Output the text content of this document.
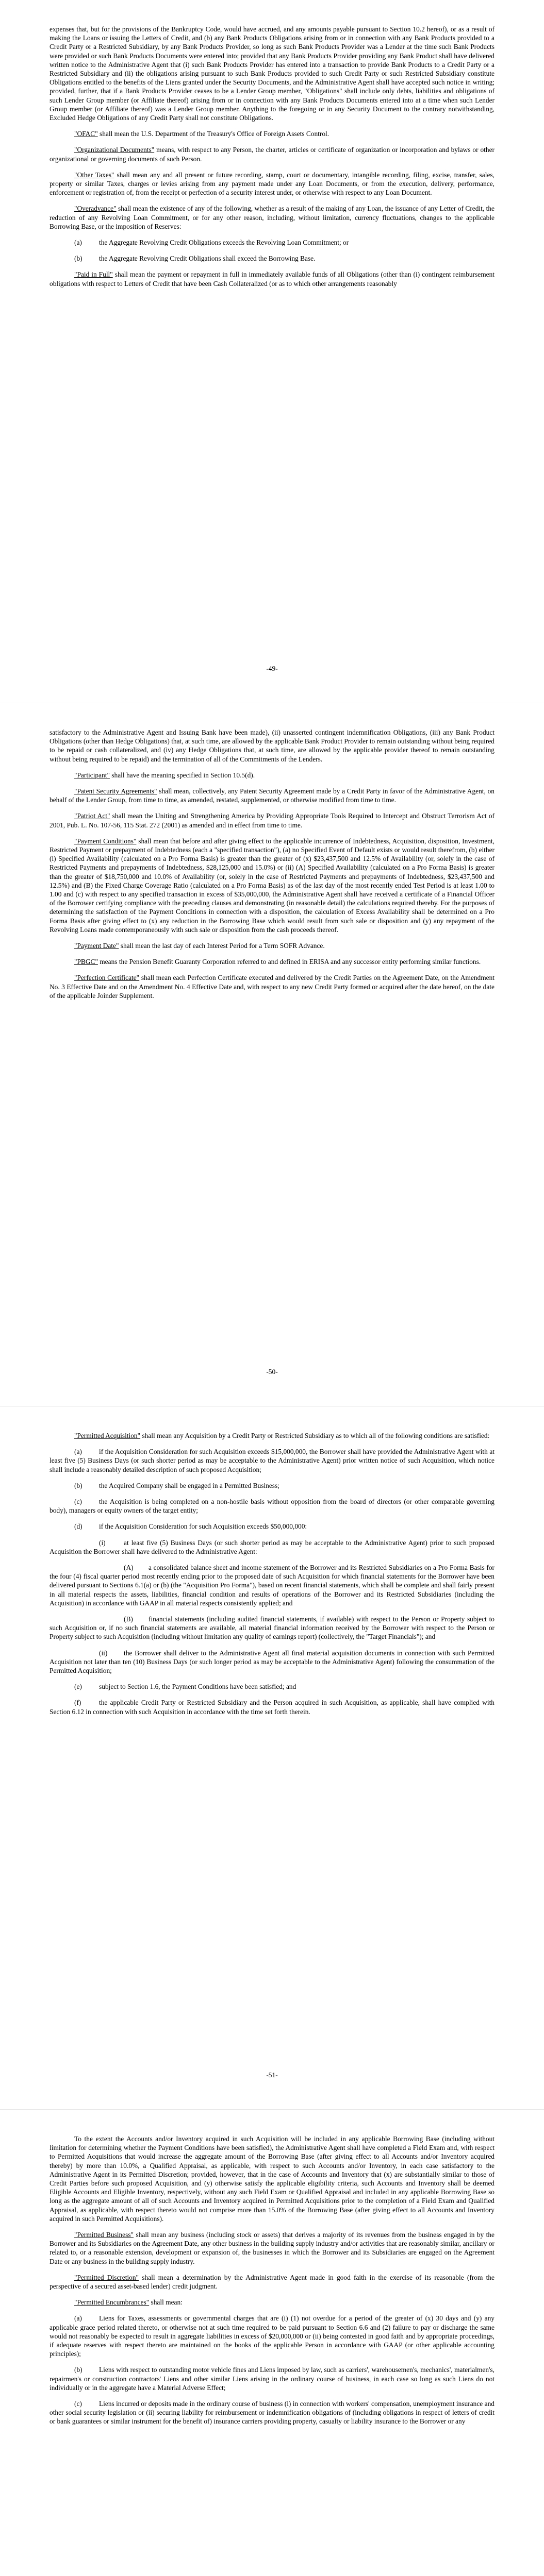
expenses that, but for the provisions of the Bankruptcy Code, would have accrued, and any amounts payable pursuant to Section 10.2 hereof), or as a result of making the Loans or issuing the Letters of Credit, and (b) any Bank Products Obligations arising from or in connection with any Bank Products provided to a Credit Party or a Restricted Subsidiary, by any Bank Products Provider, so long as such Bank Products Provider was a Lender at the time such Bank Products were provided or such Bank Products Documents were entered into; provided that any Bank Products Provider providing any Bank Product shall have delivered written notice to the Administrative Agent that (i) such Bank Products Provider has entered into a transaction to provide Bank Products to a Credit Party or a Restricted Subsidiary and (ii) the obligations arising pursuant to such Bank Products provided to such Credit Party or such Restricted Subsidiary constitute Obligations entitled to the benefits of the Liens granted under the Security Documents, and the Administrative Agent shall have accepted such notice in writing; provided, further, that if a Bank Products Provider ceases to be a Lender Group member, "Obligations" shall include only debts, liabilities and obligations of such Lender Group member (or Affiliate thereof) arising from or in connection with any Bank Products Documents entered into at a time when such Lender Group member (or Affiliate thereof) was a Lender Group member. Anything to the foregoing or in any Security Document to the contrary notwithstanding, Excluded Hedge Obligations of any Credit Party shall not constitute Obligations.

"OFAC" shall mean the U.S. Department of the Treasury's Office of Foreign Assets Control.

"Organizational Documents" means, with respect to any Person, the charter, articles or certificate of organization or incorporation and bylaws or other organizational or governing documents of such Person.

"Other Taxes" shall mean any and all present or future recording, stamp, court or documentary, intangible recording, filing, excise, transfer, sales, property or similar Taxes, charges or levies arising from any payment made under any Loan Documents, or from the execution, delivery, performance, enforcement or registration of, from the receipt or perfection of a security interest under, or otherwise with respect to any Loan Document.

"Overadvance" shall mean the existence of any of the following, whether as a result of the making of any Loan, the issuance of any Letter of Credit, the reduction of any Revolving Loan Commitment, or for any other reason, including, without limitation, currency fluctuations, changes to the applicable Borrowing Base, or the imposition of Reserves:

(a) the Aggregate Revolving Credit Obligations exceeds the Revolving Loan Commitment; or

(b) the Aggregate Revolving Credit Obligations shall exceed the Borrowing Base.

"Paid in Full" shall mean the payment or repayment in full in immediately available funds of all Obligations (other than (i) contingent reimbursement obligations with respect to Letters of Credit that have been Cash Collateralized (or as to which other arrangements reasonably

-49-

satisfactory to the Administrative Agent and Issuing Bank have been made), (ii) unasserted contingent indemnification Obligations, (iii) any Bank Product Obligations (other than Hedge Obligations) that, at such time, are allowed by the applicable Bank Product Provider to remain outstanding without being required to be repaid or cash collateralized, and (iv) any Hedge Obligations that, at such time, are allowed by the applicable provider thereof to remain outstanding without being required to be repaid) and the termination of all of the Commitments of the Lenders.

"Participant" shall have the meaning specified in Section 10.5(d).

"Patent Security Agreements" shall mean, collectively, any Patent Security Agreement made by a Credit Party in favor of the Administrative Agent, on behalf of the Lender Group, from time to time, as amended, restated, supplemented, or otherwise modified from time to time.

"Patriot Act" shall mean the Uniting and Strengthening America by Providing Appropriate Tools Required to Intercept and Obstruct Terrorism Act of 2001, Pub. L. No. 107-56, 115 Stat. 272 (2001) as amended and in effect from time to time.

"Payment Conditions" shall mean that before and after giving effect to the applicable incurrence of Indebtedness, Acquisition, disposition, Investment, Restricted Payment or prepayment of Indebtedness (each a "specified transaction"), (a) no Specified Event of Default exists or would result therefrom, (b) either (i) Specified Availability (calculated on a Pro Forma Basis) is greater than the greater of (x) $23,437,500 and 12.5% of Availability (or, solely in the case of Restricted Payments and prepayments of Indebtedness, $28,125,000 and 15.0%) or (ii) (A) Specified Availability (calculated on a Pro Forma Basis) is greater than the greater of $18,750,000 and 10.0% of Availability (or, solely in the case of Restricted Payments and prepayments of Indebtedness, $23,437,500 and 12.5%) and (B) the Fixed Charge Coverage Ratio (calculated on a Pro Forma Basis) as of the last day of the most recently ended Test Period is at least 1.00 to 1.00 and (c) with respect to any specified transaction in excess of $35,000,000, the Administrative Agent shall have received a certificate of a Financial Officer of the Borrower certifying compliance with the preceding clauses and demonstrating (in reasonable detail) the calculations required thereby. For the purposes of determining the satisfaction of the Payment Conditions in connection with a disposition, the calculation of Excess Availability shall be determined on a Pro Forma Basis after giving effect to (x) any reduction in the Borrowing Base which would result from such sale or disposition and (y) any repayment of the Revolving Loans made contemporaneously with such sale or disposition from the cash proceeds thereof.

"Payment Date" shall mean the last day of each Interest Period for a Term SOFR Advance.

"PBGC" means the Pension Benefit Guaranty Corporation referred to and defined in ERISA and any successor entity performing similar functions.

"Perfection Certificate" shall mean each Perfection Certificate executed and delivered by the Credit Parties on the Agreement Date, on the Amendment No. 3 Effective Date and on the Amendment No. 4 Effective Date and, with respect to any new Credit Party formed or acquired after the date hereof, on the date of the applicable Joinder Supplement.

-50-

"Permitted Acquisition" shall mean any Acquisition by a Credit Party or Restricted Subsidiary as to which all of the following conditions are satisfied:

(a) if the Acquisition Consideration for such Acquisition exceeds $15,000,000, the Borrower shall have provided the Administrative Agent with at least five (5) Business Days (or such shorter period as may be acceptable to the Administrative Agent) prior written notice of such Acquisition, which notice shall include a reasonably detailed description of such proposed Acquisition;

(b) the Acquired Company shall be engaged in a Permitted Business;

(c) the Acquisition is being completed on a non-hostile basis without opposition from the board of directors (or other comparable governing body), managers or equity owners of the target entity;

(d) if the Acquisition Consideration for such Acquisition exceeds $50,000,000:

(i)	at least five (5) Business Days (or such shorter period as may be acceptable to the Administrative Agent) prior to such proposed Acquisition the Borrower shall have delivered to the Administrative Agent:

(A) a consolidated balance sheet and income statement of the Borrower and its Restricted Subsidiaries on a Pro Forma Basis for the four (4) fiscal quarter period most recently ending prior to the proposed date of such Acquisition for which financial statements for the Borrower have been delivered pursuant to Sections 6.1(a) or (b) (the "Acquisition Pro Forma"), based on recent financial statements, which shall be complete and shall fairly present in all material respects the assets, liabilities, financial condition and results of operations of the Borrower and its Restricted Subsidiaries (including the Acquisition) in accordance with GAAP in all material respects consistently applied; and

(B) financial statements (including audited financial statements, if available) with respect to the Person or Property subject to such Acquisition or, if no such financial statements are available, all material financial information received by the Borrower with respect to the Person or Property subject to such Acquisition (including without limitation any quality of earnings report) (collectively, the "Target Financials"); and

(ii) the Borrower shall deliver to the Administrative Agent all final material acquisition documents in connection with such Permitted Acquisition not later than ten (10) Business Days (or such longer period as may be acceptable to the Administrative Agent) following the consummation of the Permitted Acquisition;

(e) subject to Section 1.6, the Payment Conditions have been satisfied; and

(f)	the applicable Credit Party or Restricted Subsidiary and the Person acquired in such Acquisition, as applicable, shall have complied with Section 6.12 in connection with such Acquisition in accordance with the time set forth therein.

-51-

To the extent the Accounts and/or Inventory acquired in such Acquisition will be included in any applicable Borrowing Base (including without limitation for determining whether the Payment Conditions have been satisfied), the Administrative Agent shall have completed a Field Exam and, with respect to Permitted Acquisitions that would increase the aggregate amount of the Borrowing Base (after giving effect to all Accounts and/or Inventory acquired thereby) by more than 10.0%, a Qualified Appraisal, as applicable, with respect to such Accounts and/or Inventory, in each case satisfactory to the Administrative Agent in its Permitted Discretion; provided, however, that in the case of Accounts and Inventory that (x) are substantially similar to those of Credit Parties before such proposed Acquisition, and (y) otherwise satisfy the applicable eligibility criteria, such Accounts and Inventory shall be deemed Eligible Accounts and Eligible Inventory, respectively, without any such Field Exam or Qualified Appraisal and included in any applicable Borrowing Base so long as the aggregate amount of all of such Accounts and Inventory acquired in Permitted Acquisitions prior to the completion of a Field Exam and Qualified Appraisal, as applicable, with respect thereto would not comprise more than 15.0% of the Borrowing Base (after giving effect to all Accounts and Inventory acquired in such Permitted Acquisitions).

"Permitted Business" shall mean any business (including stock or assets) that derives a majority of its revenues from the business engaged in by the Borrower and its Subsidiaries on the Agreement Date, any other business in the building supply industry and/or activities that are reasonably similar, ancillary or related to, or a reasonable extension, development or expansion of, the businesses in which the Borrower and its Subsidiaries are engaged on the Agreement Date or any business in the building supply industry.

"Permitted Discretion" shall mean a determination by the Administrative Agent made in good faith in the exercise of its reasonable (from the perspective of a secured asset-based lender) credit judgment.

"Permitted Encumbrances" shall mean:

(a) Liens for Taxes, assessments or governmental charges that are (i) (1) not overdue for a period of the greater of (x) 30 days and (y) any applicable grace period related thereto, or otherwise not at such time required to be paid pursuant to Section 6.6 and (2) failure to pay or discharge the same would not reasonably be expected to result in aggregate liabilities in excess of $20,000,000 or (ii) being contested in good faith and by appropriate proceedings, if adequate reserves with respect thereto are maintained on the books of the applicable Person in accordance with GAAP (or other applicable accounting principles);

(b) Liens with respect to outstanding motor vehicle fines and Liens imposed by law, such as carriers', warehousemen's, mechanics', materialmen's, repairmen's or construction contractors' Liens and other similar Liens arising in the ordinary course of business, in each case so long as such Liens do not individually or in the aggregate have a Material Adverse Effect;

(c) Liens incurred or deposits made in the ordinary course of business (i) in connection with workers' compensation, unemployment insurance and other social security legislation or (ii) securing liability for reimbursement or indemnification obligations of (including obligations in respect of letters of credit or bank guarantees or similar instrument for the benefit of) insurance carriers providing property, casualty or liability insurance to the Borrower or any
